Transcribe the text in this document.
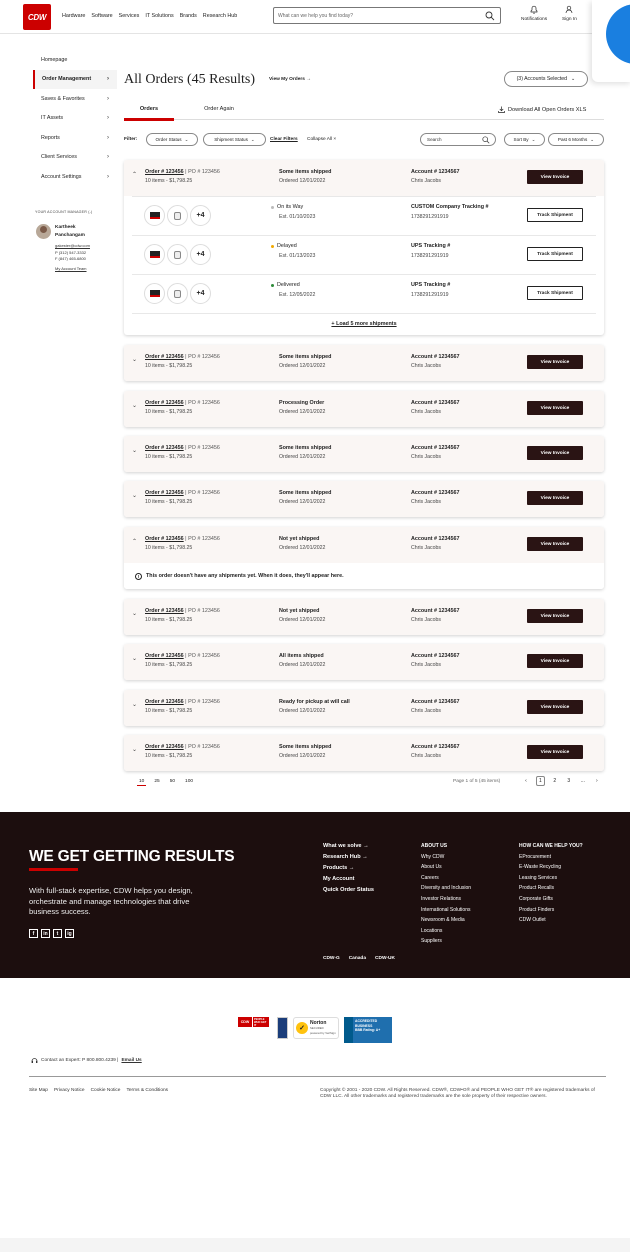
CDW	Hardware Software Services IT Solutions Brands Research Hub
What can we help you find today?
Notifications	Sign In
Homepage
Order Management	›
Saves & Favorites	›
IT Assets	›
Reports	›
Client Services	›
Account Settings	›
YOUR ACCOUNT MANAGER (-)
Kartheek Panchangam
gakester@cdw.com
P (312) 547-3332
F (847) 465-6800
My Account Team
All Orders (45 Results)	View My Orders →	(3) Accounts Selected ⌄
Orders	Order Again	Download All Open Orders XLS
Filter:	Order Status ⌄	Shipment Status ⌄	Clear Filters Collapse All ×	Search	Sort By ⌄	Past 6 Months ⌄
⌃ Order # 123456 | PO # 123456
10 items - $1,798.25
Some items shipped
Ordered 12/01/2022
Account # 1234567
Chris Jacobs
View Invoice
+4
On its Way
Est. 01/10/2023
CUSTOM Company Tracking #
1738291291919	Track Shipment
+4
Delayed
Est. 01/13/2023
UPS Tracking #
1738291291919	Track Shipment
+4
Delivered
Est. 12/05/2022
UPS Tracking #
1738291291919	Track Shipment
+ Load 5 more shipments
⌄ Order # 123456 | PO # 123456
10 items - $1,798.25
Some items shipped
Ordered 12/01/2022
Account # 1234567
Chris Jacobs
View Invoice
⌄ Order # 123456 | PO # 123456
10 items - $1,798.25
Processing Order
Ordered 12/01/2022
Account # 1234567
Chris Jacobs
View Invoice
⌄ Order # 123456 | PO # 123456
10 items - $1,798.25
Some items shipped
Ordered 12/01/2022
Account # 1234567
Chris Jacobs
View Invoice
⌄ Order # 123456 | PO # 123456
10 items - $1,798.25
Some items shipped
Ordered 12/01/2022
Account # 1234567
Chris Jacobs
View Invoice
⌃ Order # 123456 | PO # 123456
10 items - $1,798.25
Not yet shipped
Ordered 12/01/2022
Account # 1234567
Chris Jacobs
View Invoice
!	This order doesn't have any shipments yet. When it does, they'll appear here.
⌄ Order # 123456 | PO # 123456
10 items - $1,798.25
Not yet shipped
Ordered 12/01/2022
Account # 1234567
Chris Jacobs
View Invoice
⌄ Order # 123456 | PO # 123456
10 items - $1,798.25
All items shipped
Ordered 12/01/2022
Account # 1234567
Chris Jacobs
View Invoice
⌄ Order # 123456 | PO # 123456
10 items - $1,798.25
Ready for pickup at will call
Ordered 12/01/2022
Account # 1234567
Chris Jacobs
View Invoice
⌄ Order # 123456 | PO # 123456
10 items - $1,798.25
Some items shipped
Ordered 12/01/2022
Account # 1234567
Chris Jacobs
View Invoice
10	25	50	100	Page 1 of 5 (45 items)	‹	1	2	3	...	›
WE GET GETTING RESULTS
With full-stack expertise, CDW helps you design, orchestrate and manage technologies that drive business success.
f	in	t	ig
What we solve →
Research Hub →
Products →
My Account
Quick Order Status
ABOUT US
Why CDW
About Us
Careers
Diversity and Inclusion
Investor Relations
International Solutions
Newsroom & Media
Locations
Suppliers
HOW CAN WE HELP YOU?
EProcurement
E-Waste Recycling
Leasing Services
Product Recalls
Corporate Gifts
Product Finders
CDW Outlet
CDW-G Canada CDW-UK
CDW
PEOPLE WHO GET IT	✓
Norton
SECURED
powered by VeriSign
ACCREDITED BUSINESS
BBB Rating: A+
Contact an Expert: P 800.800.4239 | Email Us
Site Map Privacy Notice Cookie Notice Terms & Conditions	Copyright © 2001 - 2020 CDW. All Rights Reserved. CDW®, CDW•G® and PEOPLE WHO GET IT® are registered trademarks of CDW LLC. All other trademarks and registered trademarks are the sole property of their respective owners.
